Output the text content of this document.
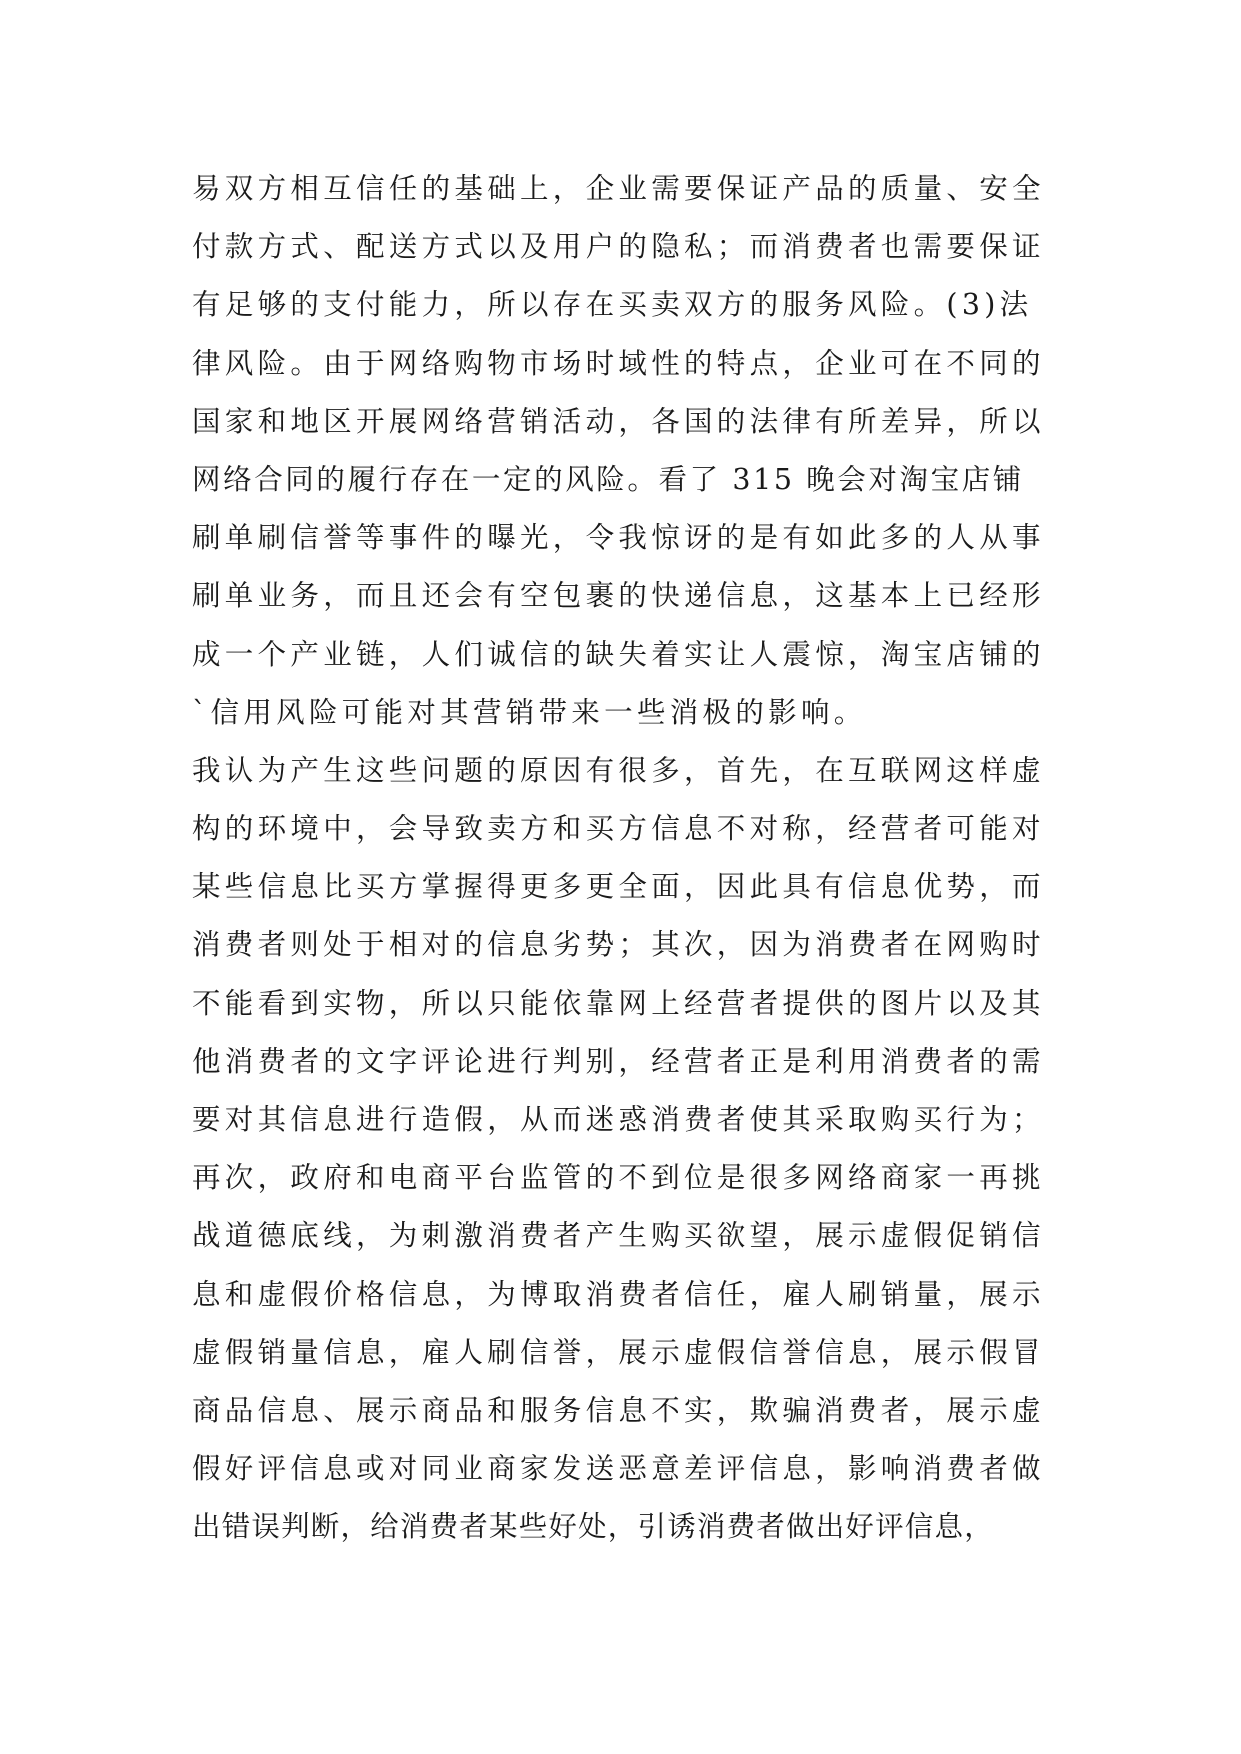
易双方相互信任的基础上，企业需要保证产品的质量、安全
付款方式、配送方式以及用户的隐私；而消费者也需要保证
有足够的支付能力，所以存在买卖双方的服务风险。(3)法
律风险。由于网络购物市场时域性的特点，企业可在不同的
国家和地区开展网络营销活动，各国的法律有所差异，所以
网络合同的履行存在一定的风险。看了 315 晚会对淘宝店铺
刷单刷信誉等事件的曝光，令我惊讶的是有如此多的人从事
刷单业务，而且还会有空包裹的快递信息，这基本上已经形
成一个产业链，人们诚信的缺失着实让人震惊，淘宝店铺的
`信用风险可能对其营销带来一些消极的影响。
我认为产生这些问题的原因有很多，首先，在互联网这样虚
构的环境中，会导致卖方和买方信息不对称，经营者可能对
某些信息比买方掌握得更多更全面，因此具有信息优势，而
消费者则处于相对的信息劣势；其次，因为消费者在网购时
不能看到实物，所以只能依靠网上经营者提供的图片以及其
他消费者的文字评论进行判别，经营者正是利用消费者的需
要对其信息进行造假，从而迷惑消费者使其采取购买行为；
再次，政府和电商平台监管的不到位是很多网络商家一再挑
战道德底线，为刺激消费者产生购买欲望，展示虚假促销信
息和虚假价格信息，为博取消费者信任，雇人刷销量，展示
虚假销量信息，雇人刷信誉，展示虚假信誉信息，展示假冒
商品信息、展示商品和服务信息不实，欺骗消费者，展示虚
假好评信息或对同业商家发送恶意差评信息，影响消费者做
出错误判断，给消费者某些好处，引诱消费者做出好评信息，
